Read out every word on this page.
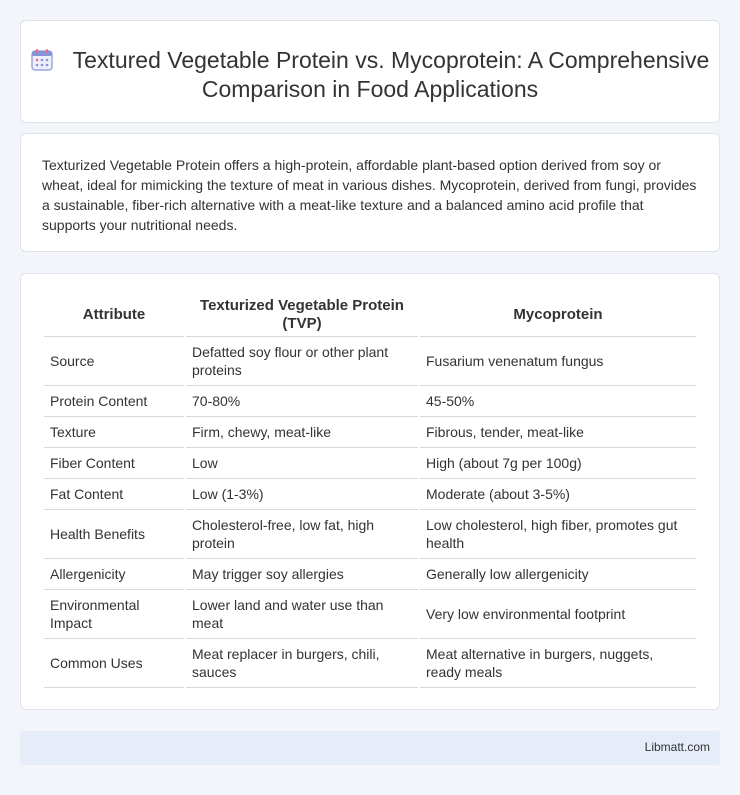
Textured Vegetable Protein vs. Mycoprotein: A Comprehensive Comparison in Food Applications

Texturized Vegetable Protein offers a high-protein, affordable plant-based option derived from soy or wheat, ideal for mimicking the texture of meat in various dishes. Mycoprotein, derived from fungi, provides a sustainable, fiber-rich alternative with a meat-like texture and a balanced amino acid profile that supports your nutritional needs.

Attribute	Texturized Vegetable Protein (TVP)	Mycoprotein
Source	Defatted soy flour or other plant proteins	Fusarium venenatum fungus
Protein Content	70-80%	45-50%
Texture	Firm, chewy, meat-like	Fibrous, tender, meat-like
Fiber Content	Low	High (about 7g per 100g)
Fat Content	Low (1-3%)	Moderate (about 3-5%)
Health Benefits	Cholesterol-free, low fat, high protein	Low cholesterol, high fiber, promotes gut health
Allergenicity	May trigger soy allergies	Generally low allergenicity
Environmental Impact	Lower land and water use than meat	Very low environmental footprint
Common Uses	Meat replacer in burgers, chili, sauces	Meat alternative in burgers, nuggets, ready meals
Libmatt.com
